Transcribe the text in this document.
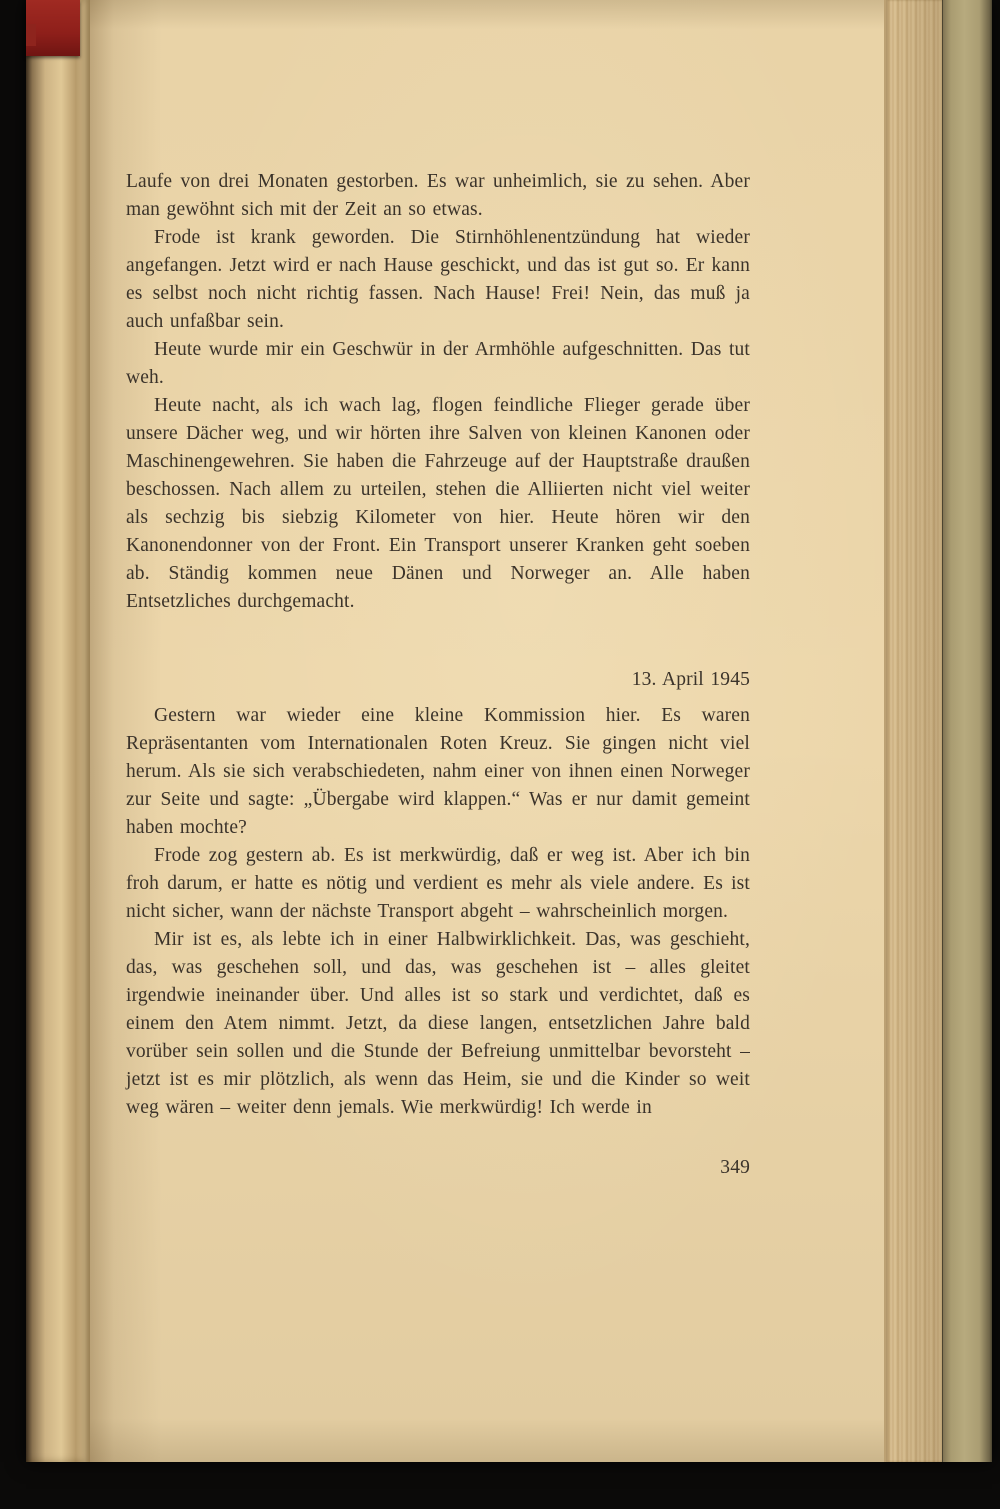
Laufe von drei Monaten gestorben. Es war unheimlich, sie zu sehen. Aber man gewöhnt sich mit der Zeit an so etwas.

Frode ist krank geworden. Die Stirnhöhlenentzündung hat wieder angefangen. Jetzt wird er nach Hause geschickt, und das ist gut so. Er kann es selbst noch nicht richtig fassen. Nach Hause! Frei! Nein, das muß ja auch unfaßbar sein.

Heute wurde mir ein Geschwür in der Armhöhle aufgeschnitten. Das tut weh.

Heute nacht, als ich wach lag, flogen feindliche Flieger gerade über unsere Dächer weg, und wir hörten ihre Salven von kleinen Kanonen oder Maschinengewehren. Sie haben die Fahrzeuge auf der Hauptstraße draußen beschossen. Nach allem zu urteilen, stehen die Alliierten nicht viel weiter als sechzig bis siebzig Kilometer von hier. Heute hören wir den Kanonendonner von der Front. Ein Transport unserer Kranken geht soeben ab. Ständig kommen neue Dänen und Norweger an. Alle haben Entsetzliches durchgemacht.

13. April 1945

Gestern war wieder eine kleine Kommission hier. Es waren Repräsentanten vom Internationalen Roten Kreuz. Sie gingen nicht viel herum. Als sie sich verabschiedeten, nahm einer von ihnen einen Norweger zur Seite und sagte: „Übergabe wird klappen.“ Was er nur damit gemeint haben mochte?

Frode zog gestern ab. Es ist merkwürdig, daß er weg ist. Aber ich bin froh darum, er hatte es nötig und verdient es mehr als viele andere. Es ist nicht sicher, wann der nächste Transport abgeht – wahrscheinlich morgen.

Mir ist es, als lebte ich in einer Halbwirklichkeit. Das, was geschieht, das, was geschehen soll, und das, was geschehen ist – alles gleitet irgendwie ineinander über. Und alles ist so stark und verdichtet, daß es einem den Atem nimmt. Jetzt, da diese langen, entsetzlichen Jahre bald vorüber sein sollen und die Stunde der Befreiung unmittelbar bevorsteht – jetzt ist es mir plötzlich, als wenn das Heim, sie und die Kinder so weit weg wären – weiter denn jemals. Wie merkwürdig! Ich werde in

349
